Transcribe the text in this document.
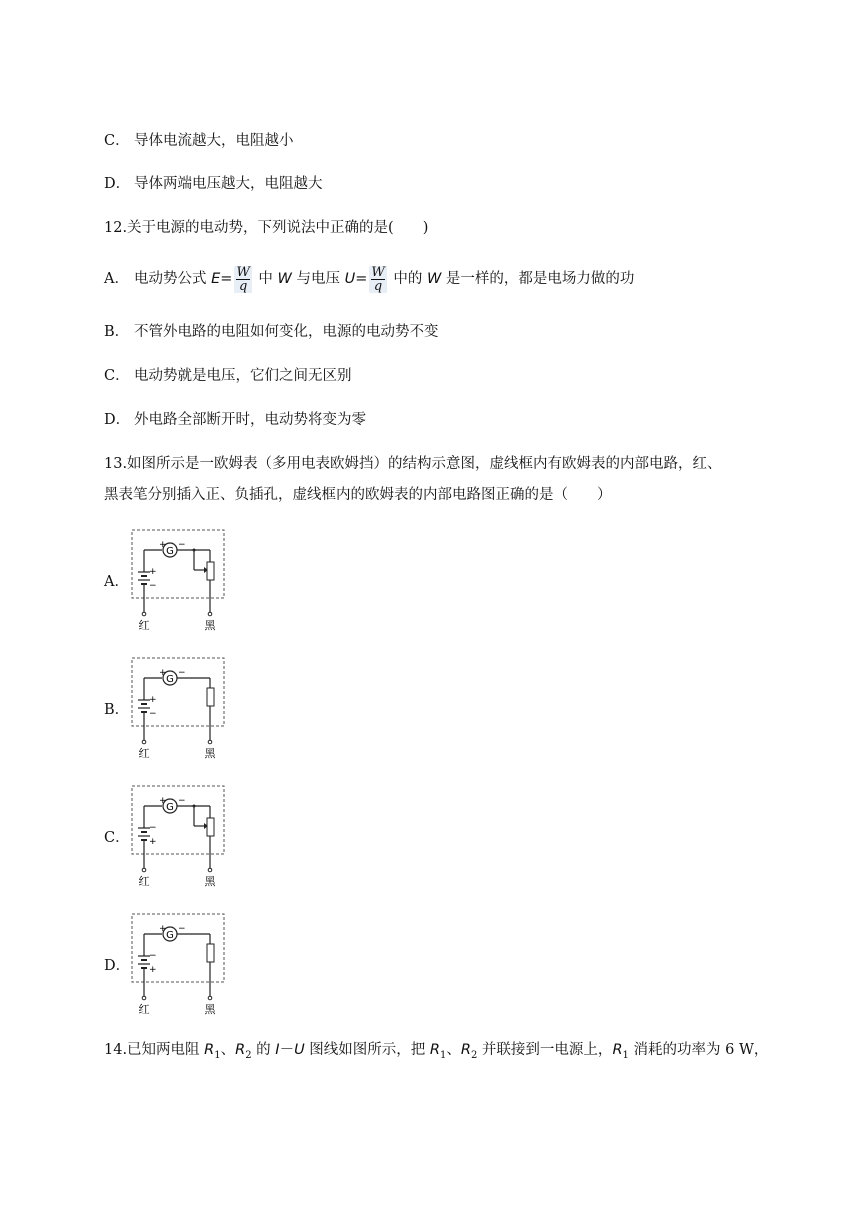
C． 导体电流越大，电阻越小
D． 导体两端电压越大，电阻越大
12.关于电源的电动势，下列说法中正确的是(　　)
A． 电动势公式 $E= \frac{W}{q}$ 中 W 与电压 $U= \frac{W}{q}$ 中的 W 是一样的，都是电场力做的功
B． 不管外电路的电阻如何变化，电源的电动势不变
C． 电动势就是电压，它们之间无区别
D． 外电路全部断开时，电动势将变为零
13.如图所示是一欧姆表（多用电表欧姆挡）的结构示意图，虚线框内有欧姆表的内部电路，红、
黑表笔分别插入正、负插孔，虚线框内的欧姆表的内部电路图正确的是（　　）
A．
G
+ −
+
−
红	黑
B．
G
+ −
+
−
红	黑
C．
G
+ −
−
+
红	黑
D．
G
+ −
−
+
红	黑
14.已知两电阻 $R_1$、$R_2$ 的 I－U 图线如图所示，把 $R_1$、$R_2$ 并联接到一电源上，$R_1$ 消耗的功率为 6 W，
